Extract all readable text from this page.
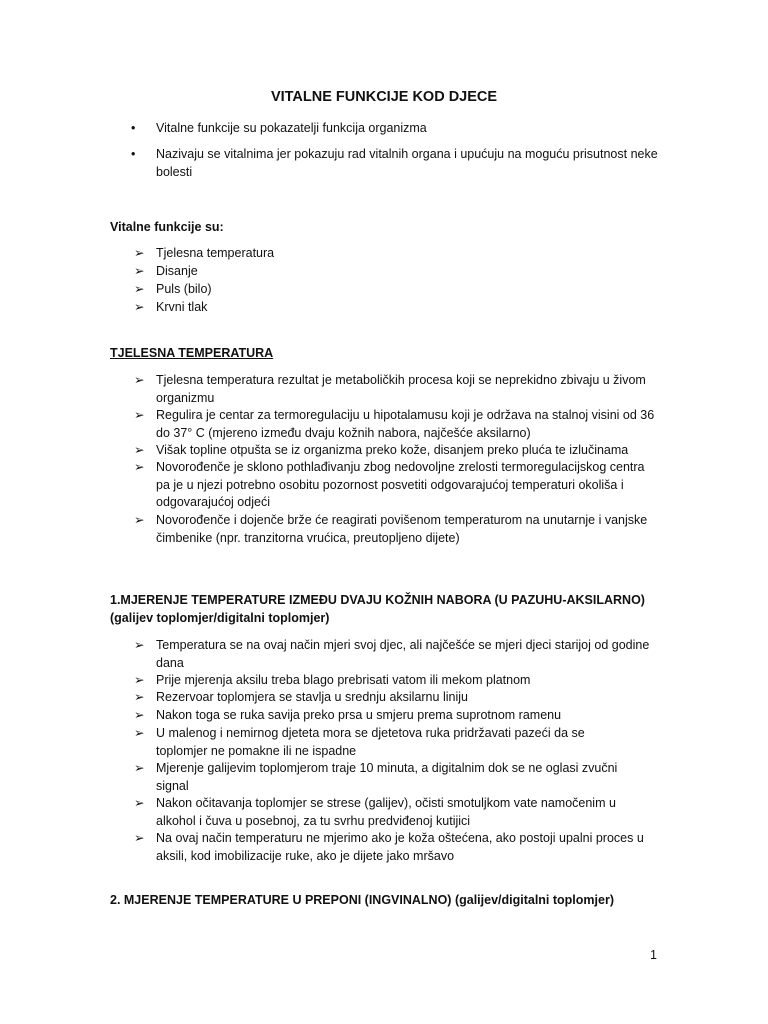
VITALNE FUNKCIJE KOD DJECE
• Vitalne funkcije su pokazatelji funkcija organizma
• Nazivaju se vitalnima jer pokazuju rad vitalnih organa i upućuju na moguću prisutnost neke bolesti
Vitalne funkcije su:
➢ Tjelesna temperatura
➢ Disanje
➢ Puls (bilo)
➢ Krvni tlak
TJELESNA TEMPERATURA
➢ Tjelesna temperatura rezultat je metaboličkih procesa koji se neprekidno zbivaju u živom organizmu
➢ Regulira je centar za termoregulaciju u hipotalamusu koji je održava na stalnoj visini od 36 do 37° C (mjereno između dvaju kožnih nabora, najčešće aksilarno)
➢ Višak topline otpušta se iz organizma preko kože, disanjem preko pluća te izlučinama
➢ Novorođenče je sklono pothlađivanju zbog nedovoljne zrelosti termoregulacijskog centra pa je u njezi potrebno osobitu pozornost posvetiti odgovarajućoj temperaturi okoliša i odgovarajućoj odjeći
➢ Novorođenče i dojenče brže će reagirati povišenom temperaturom na unutarnje i vanjske čimbenike (npr. tranzitorna vrućica, preutopljeno dijete)
1.MJERENJE TEMPERATURE IZMEĐU DVAJU KOŽNIH NABORA (U PAZUHU-AKSILARNO)
(galijev toplomjer/digitalni toplomjer)
➢ Temperatura se na ovaj način mjeri svoj djec, ali najčešće se mjeri djeci starijoj od godine dana
➢ Prije mjerenja aksilu treba blago prebrisati vatom ili mekom platnom
➢ Rezervoar toplomjera se stavlja u srednju aksilarnu liniju
➢ Nakon toga se ruka savija preko prsa u smjeru prema suprotnom ramenu
➢ U malenog i nemirnog djeteta mora se djetetova ruka pridržavati pazeći da se toplomjer ne pomakne ili ne ispadne
➢ Mjerenje galijevim toplomjerom traje 10 minuta, a digitalnim dok se ne oglasi zvučni signal
➢ Nakon očitavanja toplomjer se strese (galijev), očisti smotuljkom vate namočenim u alkohol i čuva u posebnoj, za tu svrhu predviđenoj kutijici
➢ Na ovaj način temperaturu ne mjerimo ako je koža oštećena, ako postoji upalni proces u aksili, kod imobilizacije ruke, ako je dijete jako mršavo
2. MJERENJE TEMPERATURE U PREPONI (INGVINALNO) (galijev/digitalni toplomjer)
1
